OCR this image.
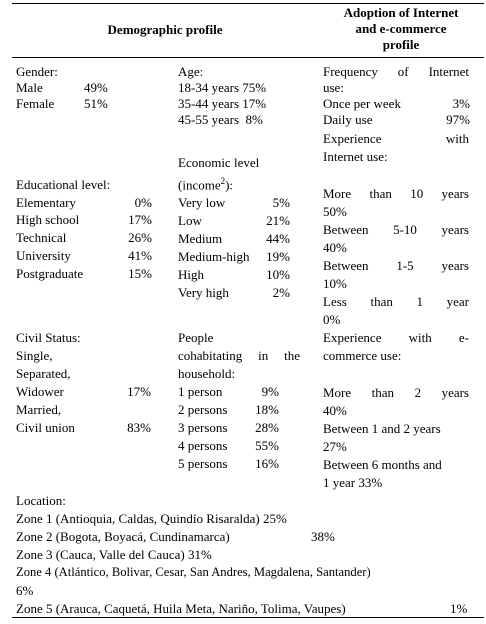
Demographic profile
Adoption of Internet
and e-commerce
profile
Gender:
Male	49%
Female 51%
Educational level:
Elementary	0%
High school	17%
Technical	26%
University	41%
Postgraduate	15%
Civil Status:
Single,
Separated,
Widower	17%
Married,
Civil union	83%
Age:
18-34 years 75%
35-44 years 17%
45-55 years  8%
Economic level
(income$^2$):
Very low	5%
Low	21%
Medium	44%
Medium-high 19%
High	10%
Very high	2%
People
cohabitating in the
household:
1 person	9%
2 persons 18%
3 persons 28%
4 persons 55%
5 persons 16%
Frequency of Internet
use:
Once per week	3%
Daily use	97%
Experience	with
Internet use:
More than 10 years
50%
Between 5-10 years
40%
Between 1-5 years
10%
Less than 1 year
0%
Experience with e-
commerce use:
More than 2 years
40%
Between 1 and 2 years
27%
Between 6 months and
1 year 33%
Location:
Zone 1 (Antioquia, Caldas, Quindío Risaralda) 25%
Zone 2 (Bogota, Boyacá, Cundinamarca)	38%
Zone 3 (Cauca, Valle del Cauca) 31%
Zone 4 (Atlántico, Bolivar, Cesar, San Andres, Magdalena, Santander)
6%
Zone 5 (Arauca, Caquetá, Huila Meta, Nariño, Tolima, Vaupes)	1%
